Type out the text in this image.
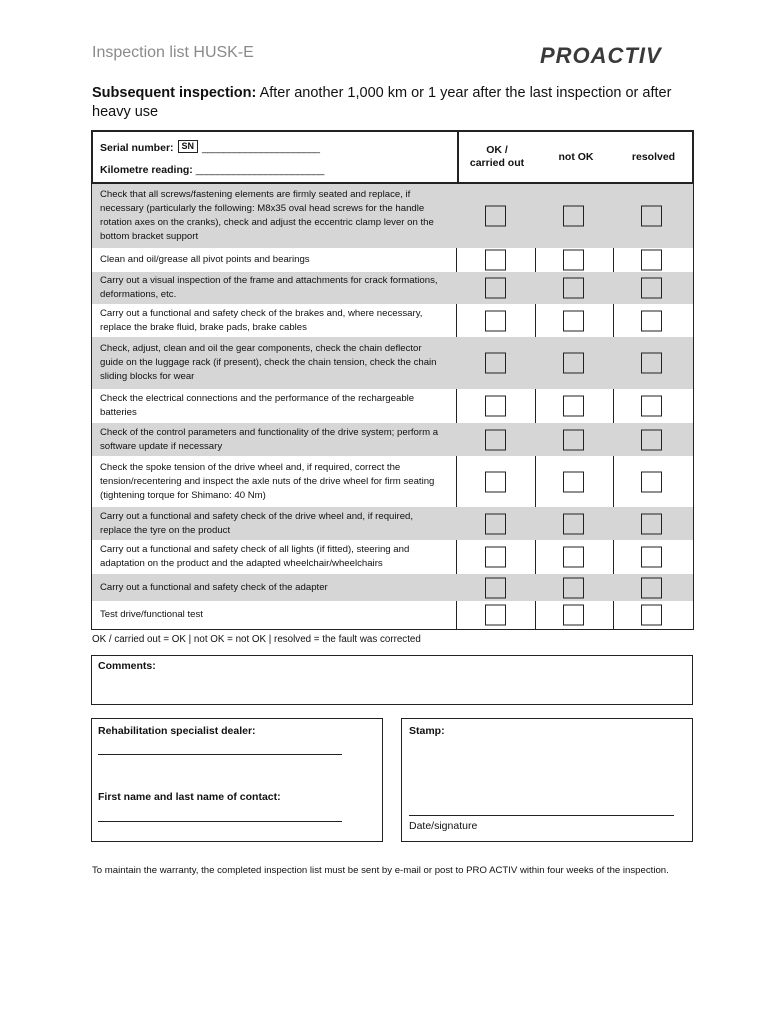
Inspection list HUSK-E	PROACTIV
Subsequent inspection: After another 1,000 km or 1 year after the last inspection or after heavy use
Serial number: SN ______________________
Kilometre reading: ________________________
OK / carried out
not OK	resolved
Check that all screws/fastening elements are firmly seated and replace, if necessary (particularly the following: M8x35 oval head screws for the handle rotation axes on the cranks), check and adjust the eccentric clamp lever on the bottom bracket support
Clean and oil/grease all pivot points and bearings
Carry out a visual inspection of the frame and attachments for crack formations, deformations, etc.
Carry out a functional and safety check of the brakes and, where necessary, replace the brake fluid, brake pads, brake cables
Check, adjust, clean and oil the gear components, check the chain deflector guide on the luggage rack (if present), check the chain tension, check the chain sliding blocks for wear
Check the electrical connections and the performance of the rechargeable batteries
Check of the control parameters and functionality of the drive system; perform a software update if necessary
Check the spoke tension of the drive wheel and, if required, correct the tension/recentering and inspect the axle nuts of the drive wheel for firm seating (tightening torque for Shimano: 40 Nm)
Carry out a functional and safety check of the drive wheel and, if required, replace the tyre on the product
Carry out a functional and safety check of all lights (if fitted), steering and adaptation on the product and the adapted wheelchair/wheelchairs
Carry out a functional and safety check of the adapter
Test drive/functional test
OK / carried out = OK | not OK = not OK | resolved = the fault was corrected
Comments:
Rehabilitation specialist dealer:
First name and last name of contact:
Stamp:
Date/signature
To maintain the warranty, the completed inspection list must be sent by e-mail or post to PRO ACTIV within four weeks of the inspection.
